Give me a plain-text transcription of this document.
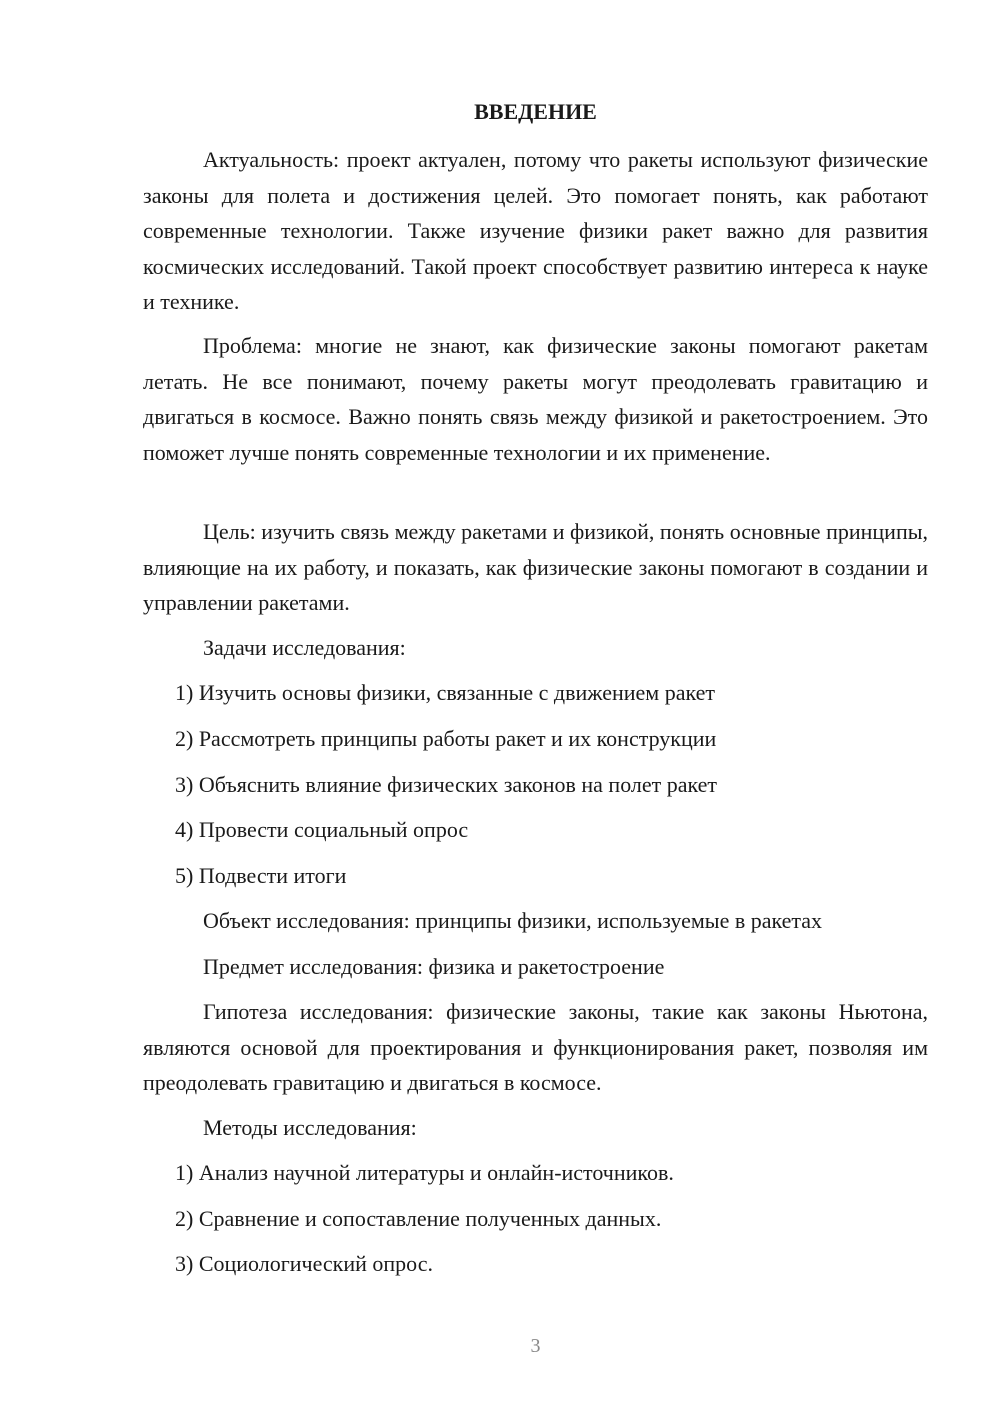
ВВЕДЕНИЕ

Актуальность: проект актуален, потому что ракеты используют физические законы для полета и достижения целей. Это помогает понять, как работают современные технологии. Также изучение физики ракет важно для развития космических исследований. Такой проект способствует развитию интереса к науке и технике.

Проблема: многие не знают, как физические законы помогают ракетам летать. Не все понимают, почему ракеты могут преодолевать гравитацию и двигаться в космосе. Важно понять связь между физикой и ракетостроением. Это поможет лучше понять современные технологии и их применение.

Цель: изучить связь между ракетами и физикой, понять основные принципы, влияющие на их работу, и показать, как физические законы помогают в создании и управлении ракетами.

Задачи исследования:

1) Изучить основы физики, связанные с движением ракет

2) Рассмотреть принципы работы ракет и их конструкции

3) Объяснить влияние физических законов на полет ракет

4) Провести социальный опрос

5) Подвести итоги

Объект исследования: принципы физики, используемые в ракетах

Предмет исследования: физика и ракетостроение

Гипотеза исследования: физические законы, такие как законы Ньютона, являются основой для проектирования и функционирования ракет, позволяя им преодолевать гравитацию и двигаться в космосе.

Методы исследования:

1) Анализ научной литературы и онлайн-источников.

2) Сравнение и сопоставление полученных данных.

3) Социологический опрос.

3
